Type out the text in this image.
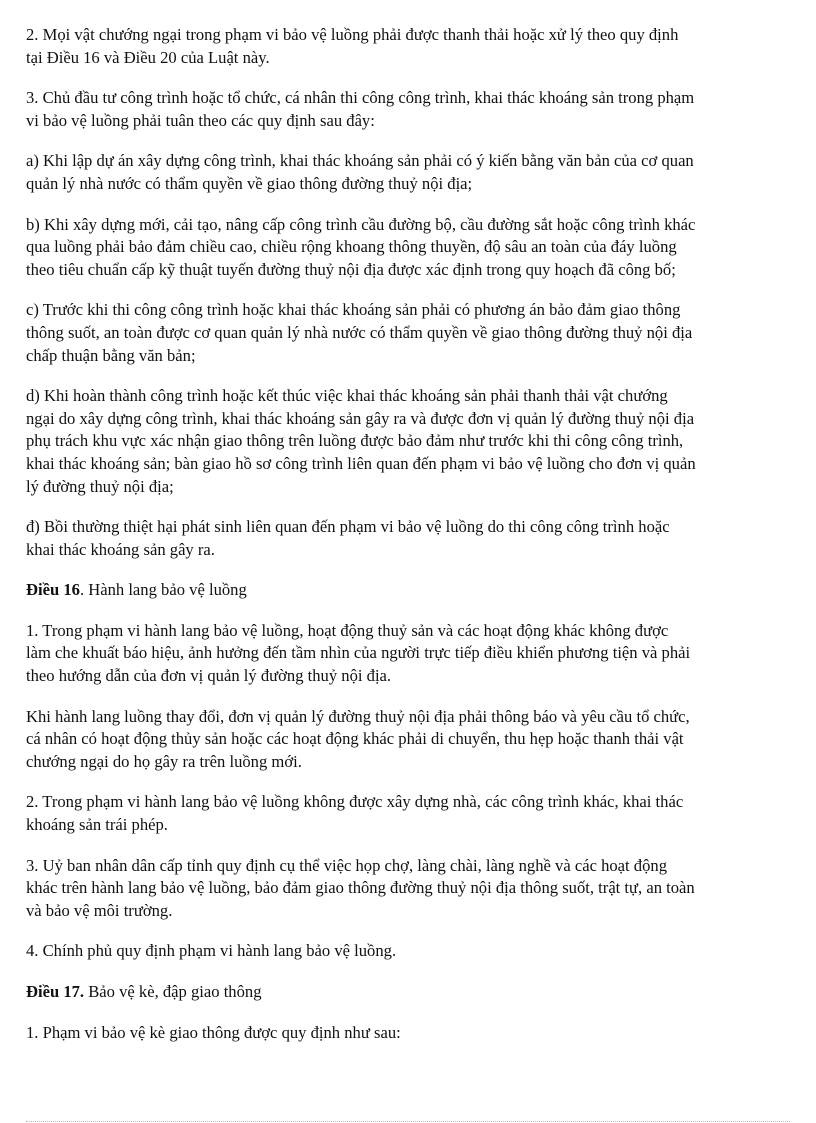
2. Mọi vật chướng ngại trong phạm vi bảo vệ luồng phải được thanh thải hoặc xử lý theo quy định
tại Điều 16 và Điều 20 của Luật này.
3. Chủ đầu tư công trình hoặc tổ chức, cá nhân thi công công trình, khai thác khoáng sản trong phạm
vi bảo vệ luồng phải tuân theo các quy định sau đây:
a) Khi lập dự án xây dựng công trình, khai thác khoáng sản phải có ý kiến bằng văn bản của cơ quan
quản lý nhà nước có thẩm quyền về giao thông đường thuỷ nội địa;
b) Khi xây dựng mới, cải tạo, nâng cấp công trình cầu đường bộ, cầu đường sắt hoặc công trình khác
qua luồng phải bảo đảm chiều cao, chiều rộng khoang thông thuyền, độ sâu an toàn của đáy luồng
theo tiêu chuẩn cấp kỹ thuật tuyến đường thuỷ nội địa được xác định trong quy hoạch đã công bố;
c) Trước khi thi công công trình hoặc khai thác khoáng sản phải có phương án bảo đảm giao thông
thông suốt, an toàn được cơ quan quản lý nhà nước có thẩm quyền về giao thông đường thuỷ nội địa
chấp thuận bằng văn bản;
d) Khi hoàn thành công trình hoặc kết thúc việc khai thác khoáng sản phải thanh thải vật chướng
ngại do xây dựng công trình, khai thác khoáng sản gây ra và được đơn vị quản lý đường thuỷ nội địa
phụ trách khu vực xác nhận giao thông trên luồng được bảo đảm như trước khi thi công công trình,
khai thác khoáng sản; bàn giao hồ sơ công trình liên quan đến phạm vi bảo vệ luồng cho đơn vị quản
lý đường thuỷ nội địa;
đ) Bồi thường thiệt hại phát sinh liên quan đến phạm vi bảo vệ luồng do thi công công trình hoặc
khai thác khoáng sản gây ra.
Điều 16. Hành lang bảo vệ luồng
1. Trong phạm vi hành lang bảo vệ luồng, hoạt động thuỷ sản và các hoạt động khác không được
làm che khuất báo hiệu, ảnh hưởng đến tầm nhìn của người trực tiếp điều khiển phương tiện và phải
theo hướng dẫn của đơn vị quản lý đường thuỷ nội địa.
Khi hành lang luồng thay đổi, đơn vị quản lý đường thuỷ nội địa phải thông báo và yêu cầu tổ chức,
cá nhân có hoạt động thủy sản hoặc các hoạt động khác phải di chuyển, thu hẹp hoặc thanh thải vật
chướng ngại do họ gây ra trên luồng mới.
2. Trong phạm vi hành lang bảo vệ luồng không được xây dựng nhà, các công trình khác, khai thác
khoáng sản trái phép.
3. Uỷ ban nhân dân cấp tỉnh quy định cụ thể việc họp chợ, làng chài, làng nghề và các hoạt động
khác trên hành lang bảo vệ luồng, bảo đảm giao thông đường thuỷ nội địa thông suốt, trật tự, an toàn
và bảo vệ môi trường.
4. Chính phủ quy định phạm vi hành lang bảo vệ luồng.
Điều 17. Bảo vệ kè, đập giao thông
1. Phạm vi bảo vệ kè giao thông được quy định như sau:
